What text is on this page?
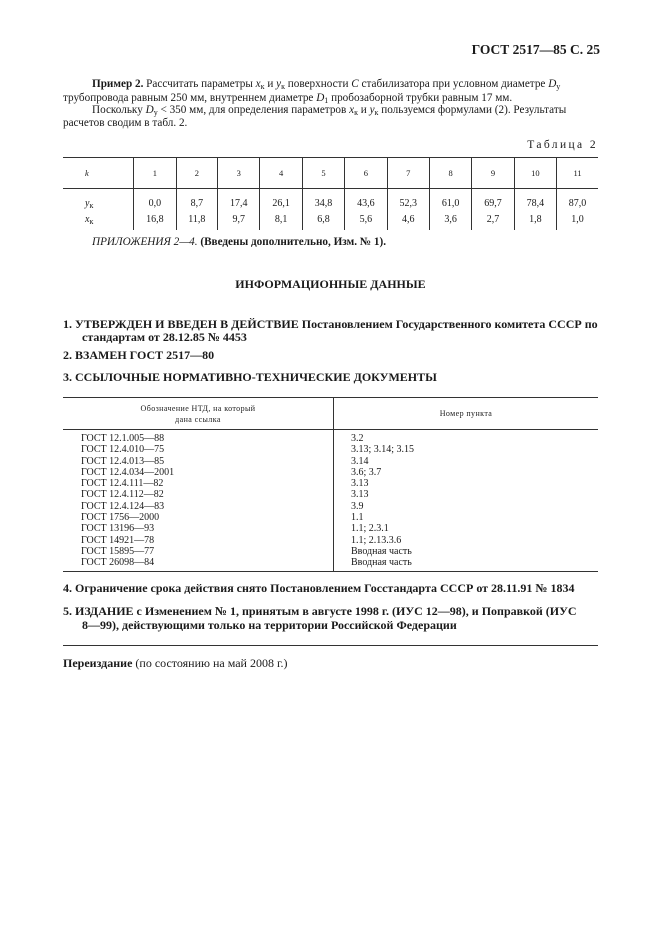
ГОСТ 2517—85 С. 25
Пример 2. Рассчитать параметры $x_к$ и $y_к$ поверхности С стабилизатора при условном диаметре $D_у$
трубопровода равным 250 мм, внутреннем диаметре $D_1$ пробозаборной трубки равным 17 мм.
Поскольку $D_у < 350$ мм, для определения параметров $x_к$ и $y_к$ пользуемся формулами (2). Результаты
расчетов сводим в табл. 2.
Таблица 2
k	1	2	3	4	5	6	7	8	9	10	11
$y_к$	0,0	8,7	17,4	26,1	34,8	43,6	52,3	61,0	69,7	78,4	87,0
$x_к$	16,8	11,8	9,7	8,1	6,8	5,6	4,6	3,6	2,7	1,8	1,0
ПРИЛОЖЕНИЯ 2—4. (Введены дополнительно, Изм. № 1).
ИНФОРМАЦИОННЫЕ ДАННЫЕ
1. УТВЕРЖДЕН И ВВЕДЕН В ДЕЙСТВИЕ Постановлением Государственного комитета СССР по
стандартам от 28.12.85 № 4453
2. ВЗАМЕН ГОСТ 2517—80
3. ССЫЛОЧНЫЕ НОРМАТИВНО-ТЕХНИЧЕСКИЕ ДОКУМЕНТЫ
Обозначение НТД, на который
дана ссылка	Номер пункта
ГОСТ 12.1.005—88	3.2
ГОСТ 12.4.010—75	3.13; 3.14; 3.15
ГОСТ 12.4.013—85	3.14
ГОСТ 12.4.034—2001	3.6; 3.7
ГОСТ 12.4.111—82	3.13
ГОСТ 12.4.112—82	3.13
ГОСТ 12.4.124—83	3.9
ГОСТ 1756—2000	1.1
ГОСТ 13196—93	1.1; 2.3.1
ГОСТ 14921—78	1.1; 2.13.3.6
ГОСТ 15895—77	Вводная часть
ГОСТ 26098—84	Вводная часть
4. Ограничение срока действия снято Постановлением Госстандарта СССР от 28.11.91 № 1834
5. ИЗДАНИЕ с Изменением № 1, принятым в августе 1998 г. (ИУС 12—98), и Поправкой (ИУС
8—99), действующими только на территории Российской Федерации
Переиздание (по состоянию на май 2008 г.)
